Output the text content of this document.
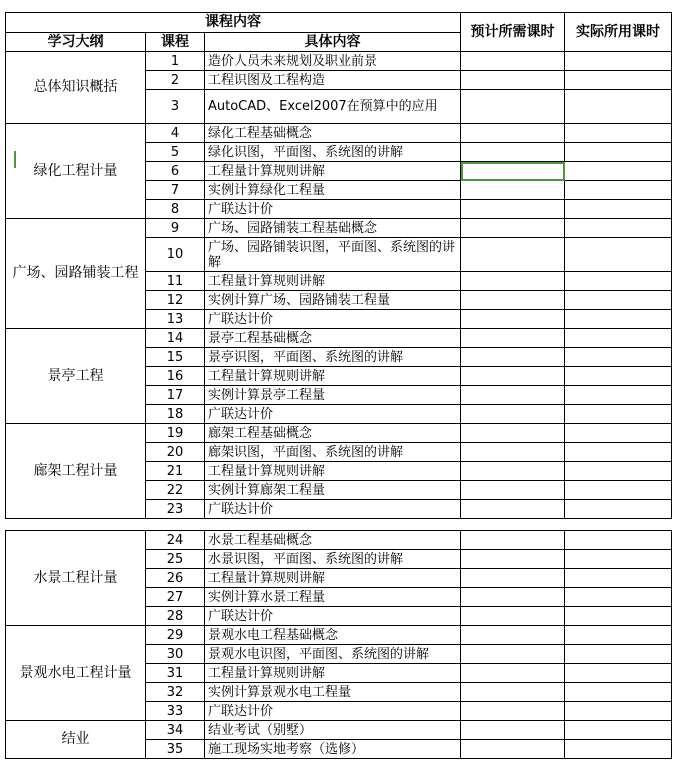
课程内容			预计所需课时	实际所用课时
学习大纲	课程	具体内容		
总体知识概括	1	造价人员未来规划及职业前景		
	2	工程识图及工程构造		
	3	AutoCAD、Excel2007在预算中的应用		
绿化工程计量	4	绿化工程基础概念		
	5	绿化识图，平面图、系统图的讲解		
	6	工程量计算规则讲解		
	7	实例计算绿化工程量		
	8	广联达计价		
广场、园路铺装工程	9	广场、园路铺装工程基础概念		
	10	广场、园路铺装识图，平面图、系统图的讲解		
	11	工程量计算规则讲解		
	12	实例计算广场、园路铺装工程量		
	13	广联达计价		
景亭工程	14	景亭工程基础概念		
	15	景亭识图，平面图、系统图的讲解		
	16	工程量计算规则讲解		
	17	实例计算景亭工程量		
	18	广联达计价		
廊架工程计量	19	廊架工程基础概念		
	20	廊架识图，平面图、系统图的讲解		
	21	工程量计算规则讲解		
	22	实例计算廊架工程量		
	23	广联达计价		
水景工程计量	24	水景工程基础概念		
	25	水景识图，平面图、系统图的讲解		
	26	工程量计算规则讲解		
	27	实例计算水景工程量		
	28	广联达计价		
景观水电工程计量	29	景观水电工程基础概念		
	30	景观水电识图，平面图、系统图的讲解		
	31	工程量计算规则讲解		
	32	实例计算景观水电工程量		
	33	广联达计价		
结业	34	结业考试（别墅）		
	35	施工现场实地考察（选修）		
